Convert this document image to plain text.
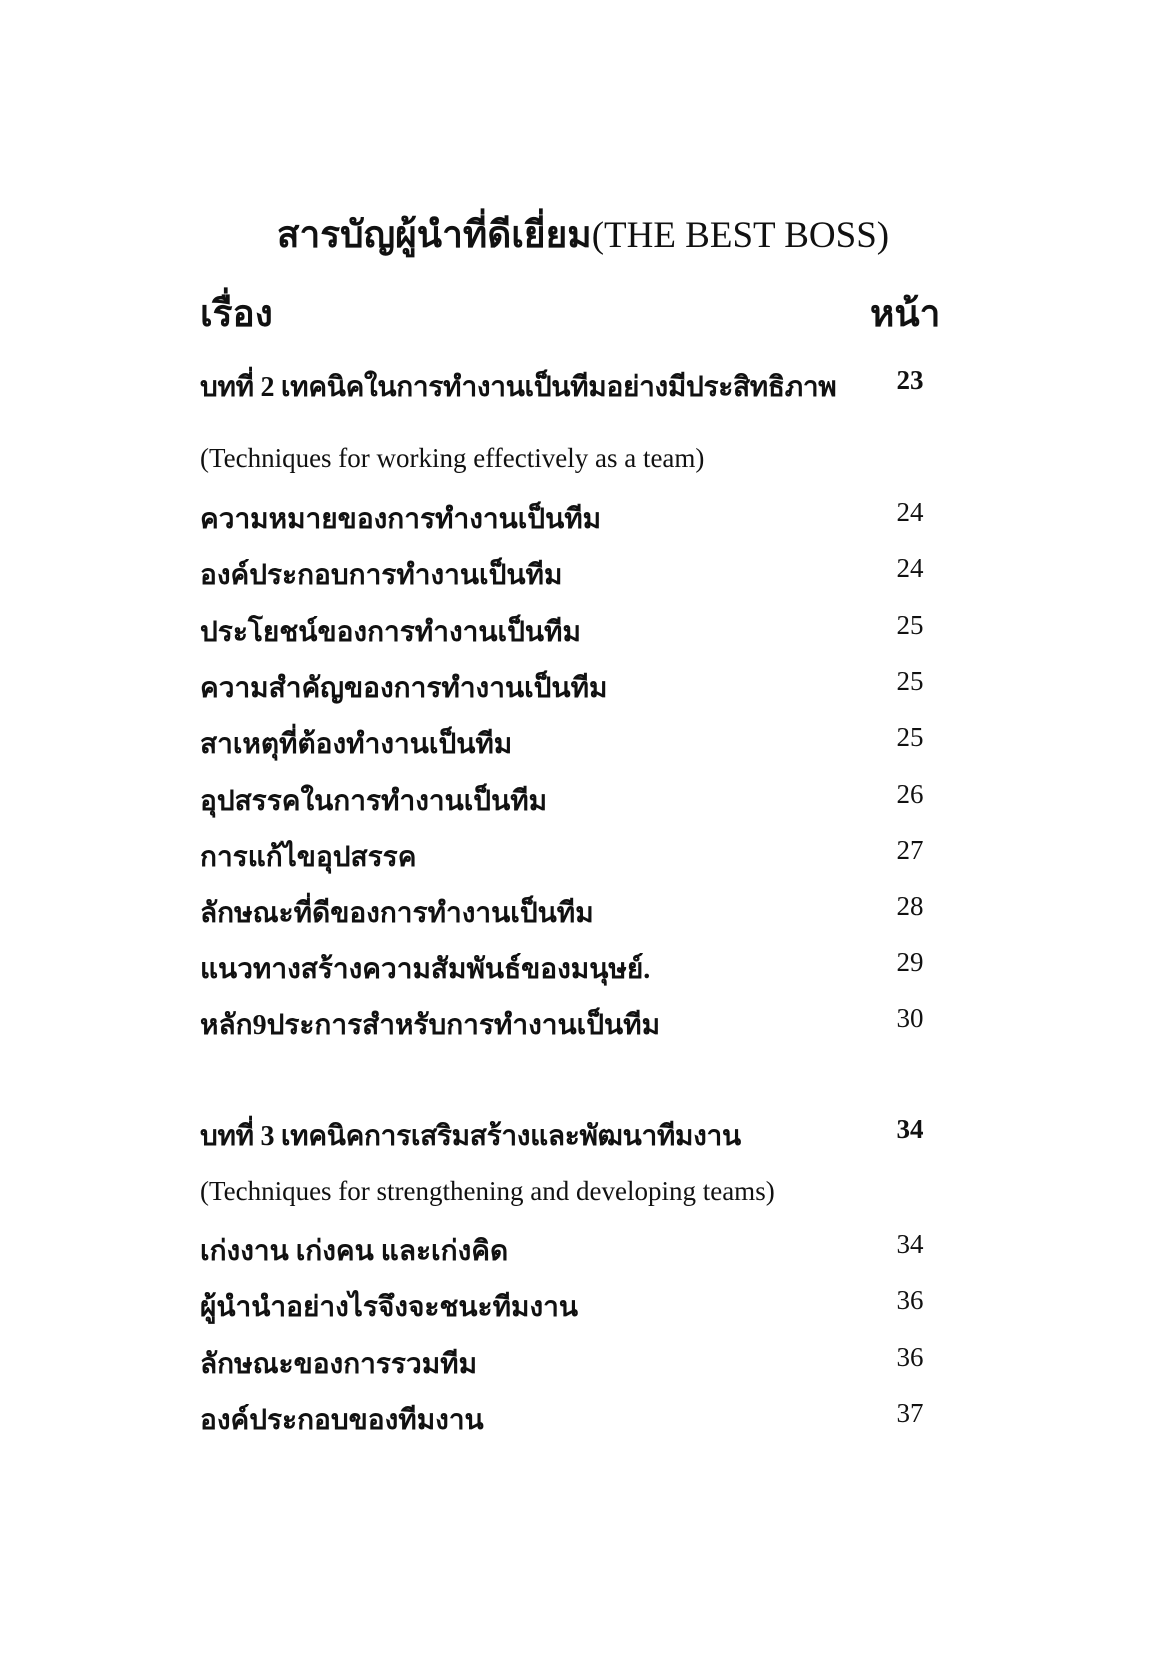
สารบัญผู้นำที่ดีเยี่ยม(THE BEST BOSS)
เรื่อง	หน้า
บทที่ 2 เทคนิคในการทำงานเป็นทีมอย่างมีประสิทธิภาพ	23
(Techniques for working effectively as a team)
ความหมายของการทำงานเป็นทีม	24
องค์ประกอบการทำงานเป็นทีม	24
ประโยชน์ของการทำงานเป็นทีม	25
ความสำคัญของการทำงานเป็นทีม	25
สาเหตุที่ต้องทำงานเป็นทีม	25
อุปสรรคในการทำงานเป็นทีม	26
การแก้ไขอุปสรรค	27
ลักษณะที่ดีของการทำงานเป็นทีม	28
แนวทางสร้างความสัมพันธ์ของมนุษย์.	29
หลัก9ประการสำหรับการทำงานเป็นทีม	30
บทที่ 3 เทคนิคการเสริมสร้างและพัฒนาทีมงาน	34
(Techniques for strengthening and developing teams)
เก่งงาน เก่งคน และเก่งคิด	34
ผู้นำนำอย่างไรจึงจะชนะทีมงาน	36
ลักษณะของการรวมทีม	36
องค์ประกอบของทีมงาน	37
